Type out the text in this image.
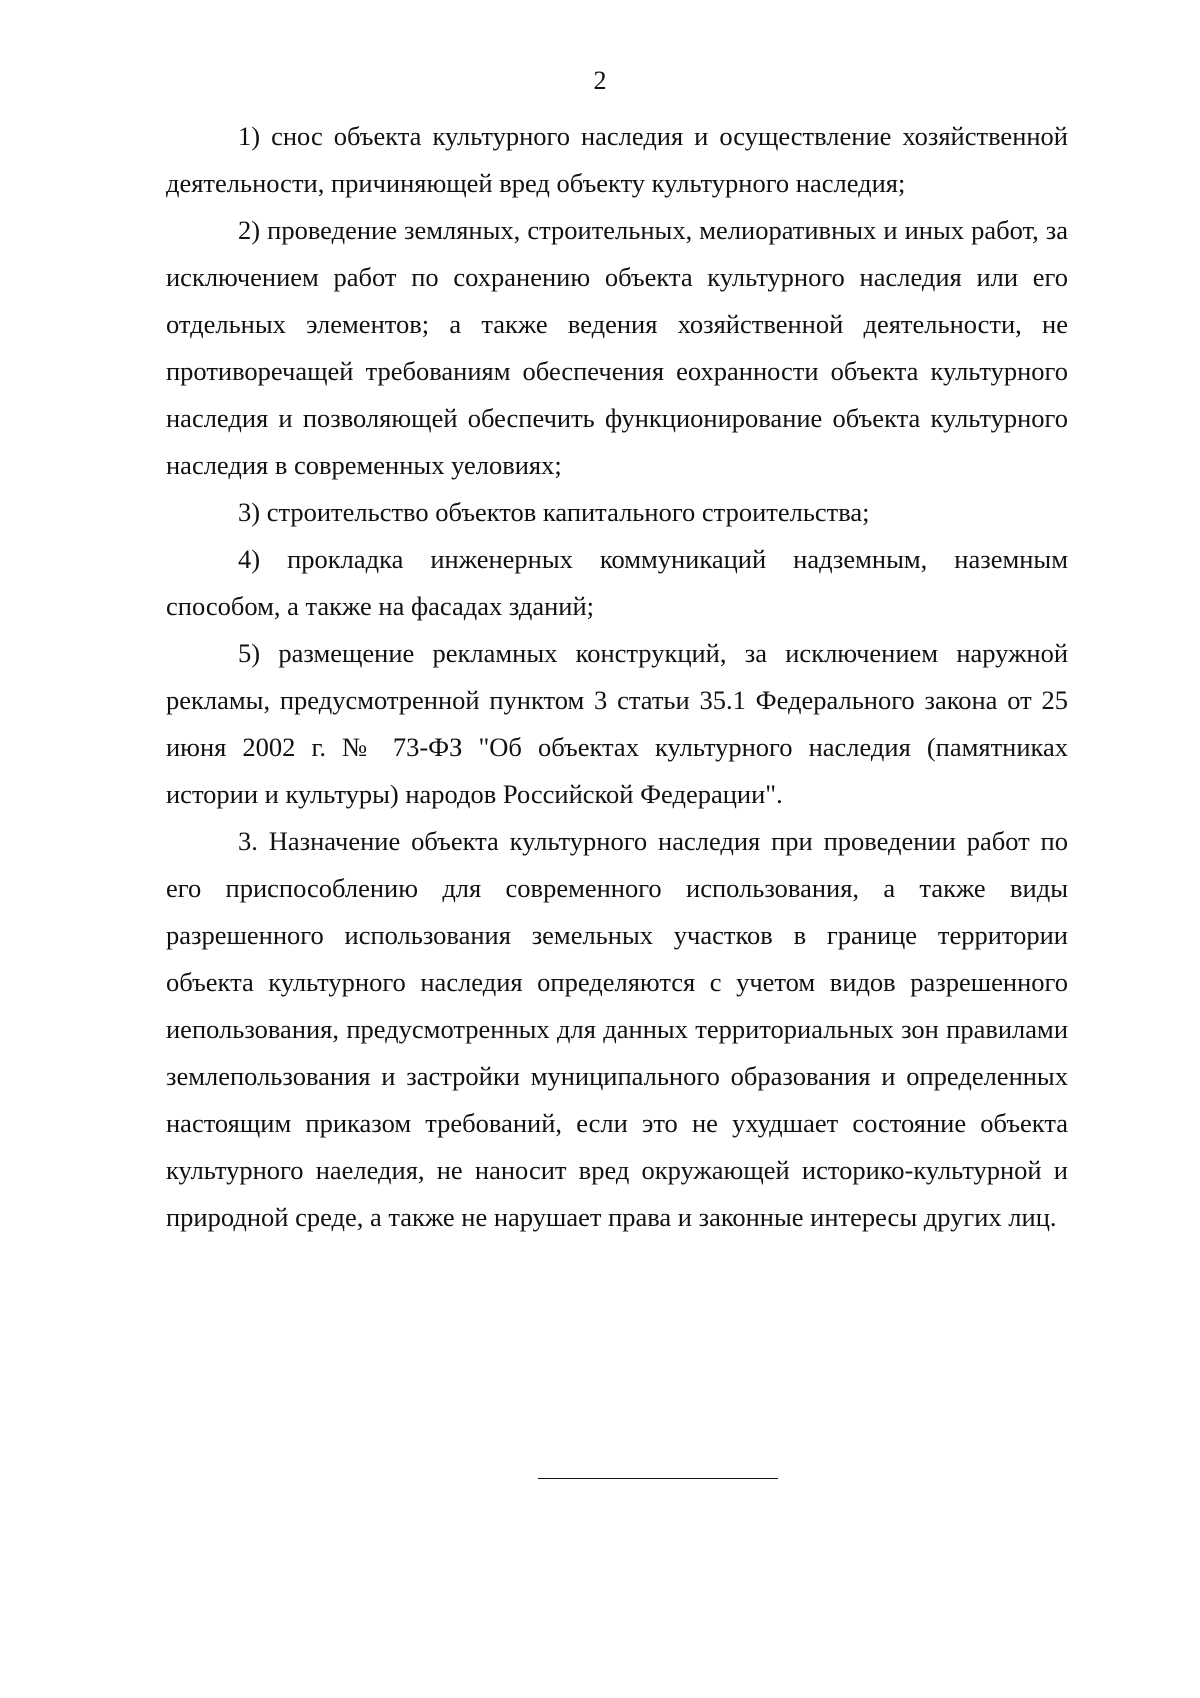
2

1) снос объекта культурного наследия и осуществление хозяйственной деятельности, причиняющей вред объекту культурного наследия;

2) проведение земляных, строительных, мелиоративных и иных работ, за исключением работ по сохранению объекта культурного наследия или его отдельных элементов; а также ведения хозяйственной деятельности, не противоречащей требованиям обеспечения еохранности объекта культурного наследия и позволяющей обеспечить функционирование объекта культурного наследия в современных уеловиях;

3) строительство объектов капитального строительства;

4) прокладка инженерных коммуникаций надземным, наземным способом, а также на фасадах зданий;

5) размещение рекламных конструкций, за исключением наружной рекламы, предусмотренной пунктом 3 статьи 35.1 Федерального закона от 25 июня 2002 г. № 73-ФЗ "Об объектах культурного наследия (памятниках истории и культуры) народов Российской Федерации".

3. Назначение объекта культурного наследия при проведении работ по его приспособлению для современного использования, а также виды разрешенного использования земельных участков в границе территории объекта культурного наследия определяются с учетом видов разрешенного иепользования, предусмотренных для данных территориальных зон правилами землепользования и застройки муниципального образования и определенных настоящим приказом требований, если это не ухудшает состояние объекта культурного наеледия, не наносит вред окружающей историко-культурной и природной среде, а также не нарушает права и законные интересы других лиц.
